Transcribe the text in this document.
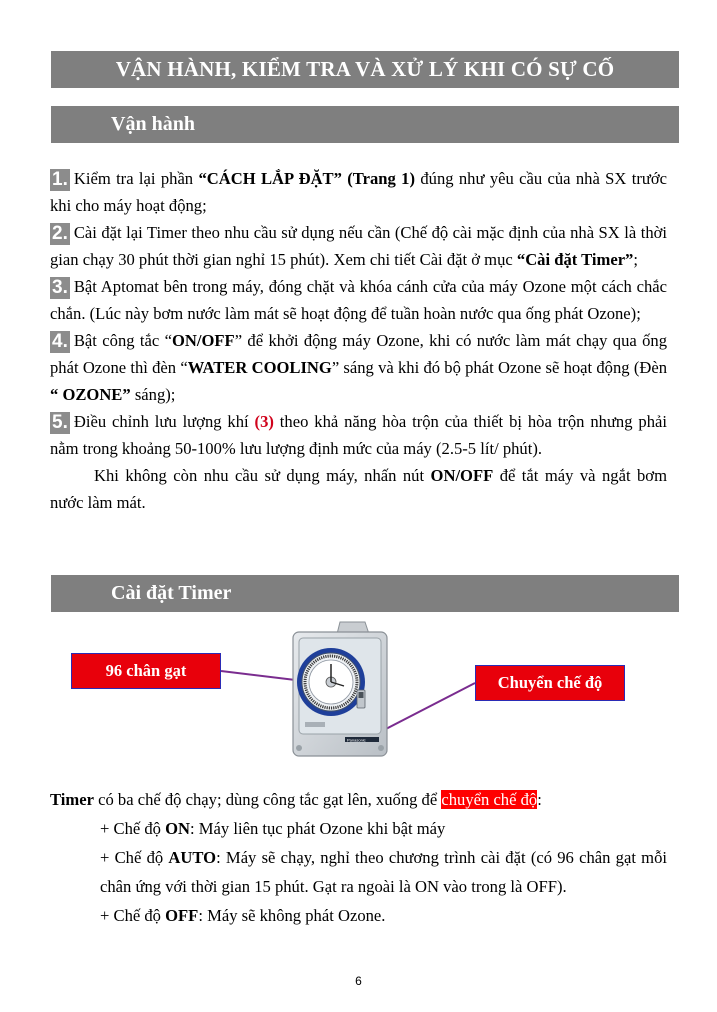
VẬN HÀNH, KIỂM TRA VÀ XỬ LÝ KHI CÓ SỰ CỐ
Vận hành
1. Kiểm tra lại phần “CÁCH LẮP ĐẶT” (Trang 1) đúng như yêu cầu của nhà SX trước khi cho máy hoạt động;
2. Cài đặt lại Timer theo nhu cầu sử dụng nếu cần (Chế độ cài mặc định của nhà SX là thời gian chạy 30 phút thời gian nghỉ 15 phút). Xem chi tiết Cài đặt ở mục “Cài đặt Timer”;
3. Bật Aptomat bên trong máy, đóng chặt và khóa cánh cửa của máy Ozone một cách chắc chắn. (Lúc này bơm nước làm mát sẽ hoạt động để tuần hoàn nước qua ống phát Ozone);
4. Bật công tắc “ON/OFF” để khởi động máy Ozone, khi có nước làm mát chạy qua ống phát Ozone thì đèn “WATER COOLING” sáng và khi đó bộ phát Ozone sẽ hoạt động (Đèn “ OZONE” sáng);
5. Điều chỉnh lưu lượng khí (3) theo khả năng hòa trộn của thiết bị hòa trộn nhưng phải nằm trong khoảng 50-100% lưu lượng định mức của máy (2.5-5 lít/ phút).
Khi không còn nhu cầu sử dụng máy, nhấn nút ON/OFF để tắt máy và ngắt bơm nước làm mát.
Cài đặt Timer
Panasonic
96 chân gạt
Chuyển chế độ
Timer có ba chế độ chạy; dùng công tắc gạt lên, xuống để chuyển chế độ:
+ Chế độ ON: Máy liên tục phát Ozone khi bật máy
+ Chế độ AUTO: Máy sẽ chạy, nghỉ theo chương trình cài đặt (có 96 chân gạt mỗi chân ứng với thời gian 15 phút. Gạt ra ngoài là ON vào trong là OFF).
+ Chế độ OFF: Máy sẽ không phát Ozone.
6
